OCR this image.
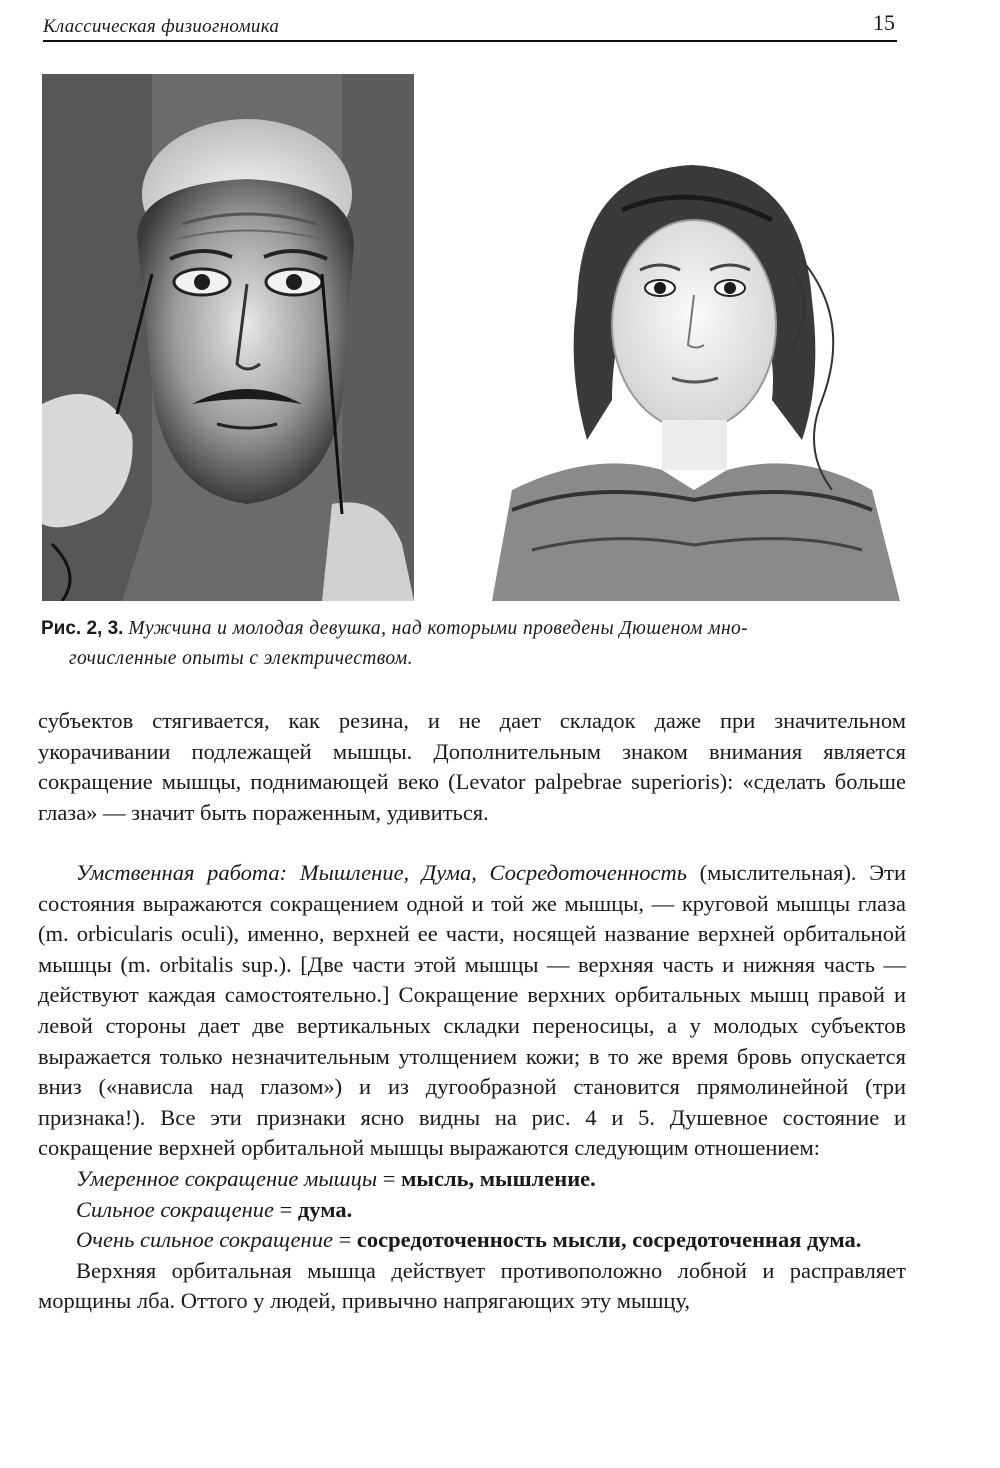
Классическая физиогномика	15
Рис. 2, 3. Мужчина и молодая девушка, над которыми проведены Дюшеном мно-
гочисленные опыты с электричеством.

субъектов стягивается, как резина, и не дает складок даже при значительном укорачивании подлежащей мышцы. Дополнительным знаком внимания является сокращение мышцы, поднимающей веко (Levator palpebrae superioris): «сделать больше глаза» — значит быть пораженным, удивиться.

Умственная работа: Мышление, Дума, Сосредоточенность (мыслительная). Эти состояния выражаются сокращением одной и той же мышцы, — круговой мышцы глаза (m. orbicularis oculi), именно, верхней ее части, носящей название верхней орбитальной мышцы (m. orbitalis sup.). [Две части этой мышцы — верхняя часть и нижняя часть — действуют каждая самостоятельно.] Сокращение верхних орбитальных мышц правой и левой стороны дает две вертикальных складки переносицы, а у молодых субъектов выражается только незначительным утолщением кожи; в то же время бровь опускается вниз («нависла над глазом») и из дугообразной становится прямолинейной (три признака!). Все эти признаки ясно видны на рис. 4 и 5. Душевное состояние и сокращение верхней орбитальной мышцы выражаются следующим отношением:

Умеренное сокращение мышцы = мысль, мышление.
Сильное сокращение = дума.
Очень сильное сокращение = сосредоточенность мысли, сосредоточенная дума.

Верхняя орбитальная мышца действует противоположно лобной и расправляет морщины лба. Оттого у людей, привычно напрягающих эту мышцу,
